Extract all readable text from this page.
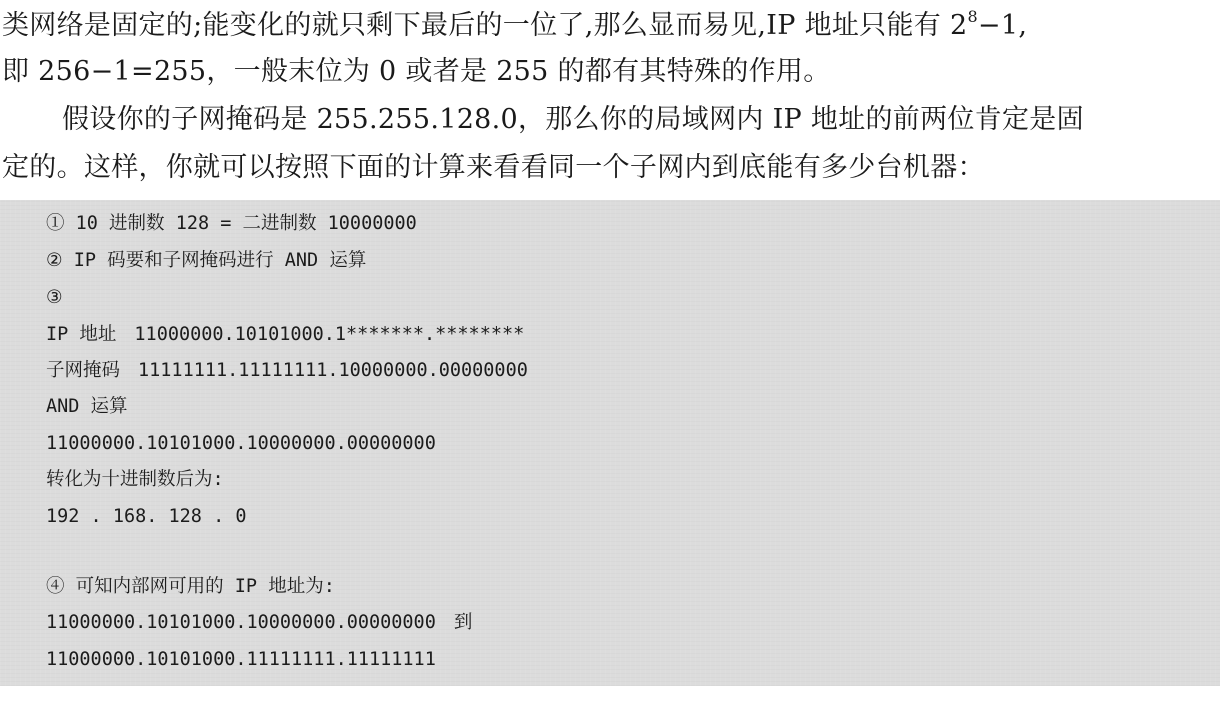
类网络是固定的;能变化的就只剩下最后的一位了,那么显而易见,IP 地址只能有 $2^8-1$,
即 256−1=255，一般末位为 0 或者是 255 的都有其特殊的作用。
假设你的子网掩码是 255.255.128.0，那么你的局域网内 IP 地址的前两位肯定是固
定的。这样，你就可以按照下面的计算来看看同一个子网内到底能有多少台机器：
① 10 进制数 128 = 二进制数 10000000
② IP 码要和子网掩码进行 AND 运算
③
IP 地址 11000000.10101000.1*******.********
子网掩码 11111111.11111111.10000000.00000000
AND 运算
11000000.10101000.10000000.00000000
转化为十进制数后为:
192 . 168. 128 . 0
④ 可知内部网可用的 IP 地址为:
11000000.10101000.10000000.00000000 到
11000000.10101000.11111111.11111111
